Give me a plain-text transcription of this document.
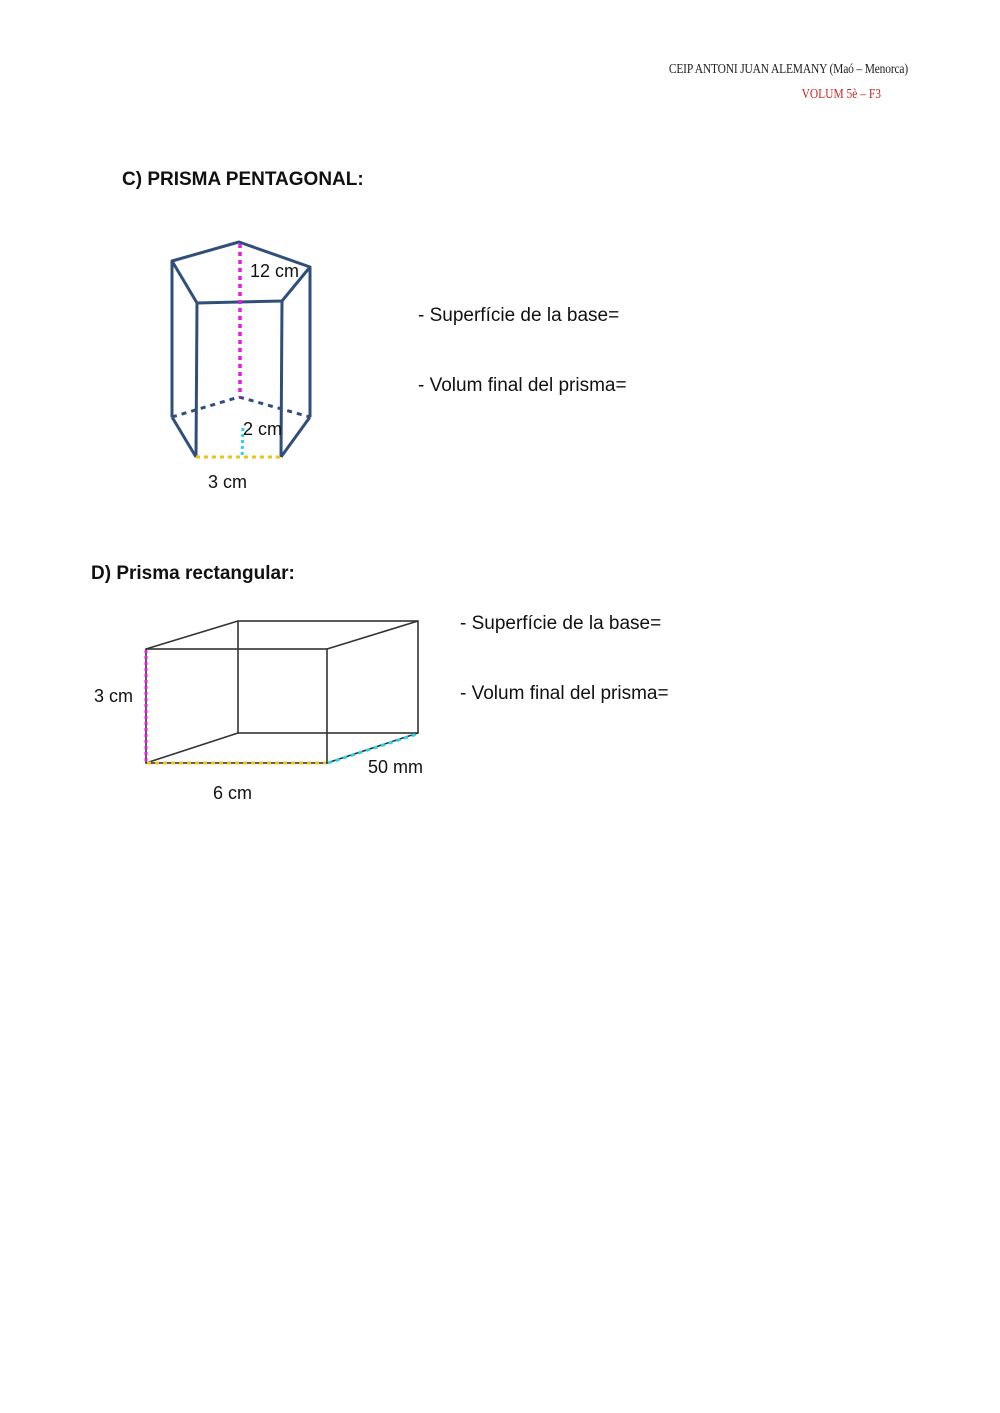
CEIP ANTONI JUAN ALEMANY (Maó – Menorca)
VOLUM 5è – F3
C) PRISMA PENTAGONAL:
12 cm
2 cm
3 cm
- Superfície de la base=
- Volum final del prisma=
D) Prisma rectangular:
3 cm
6 cm
50 mm
- Superfície de la base=
- Volum final del prisma=
